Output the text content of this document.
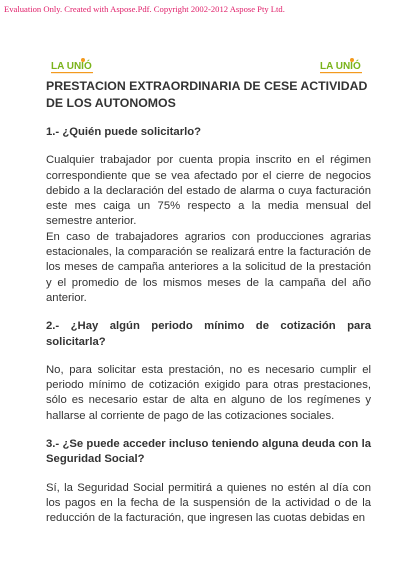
Evaluation Only. Created with Aspose.Pdf. Copyright 2002-2012 Aspose Pty Ltd.
LA UNIÓ	LA UNIÓ

PRESTACION EXTRAORDINARIA DE CESE ACTIVIDAD DE LOS AUTONOMOS

1.- ¿Quién puede solicitarlo?

Cualquier trabajador por cuenta propia inscrito en el régimen correspondiente que se vea afectado por el cierre de negocios debido a la declaración del estado de alarma o cuya facturación este mes caiga un 75% respecto a la media mensual del semestre anterior.

En caso de trabajadores agrarios con producciones agrarias estacionales, la comparación se realizará entre la facturación de los meses de campaña anteriores a la solicitud de la prestación y el promedio de los mismos meses de la campaña del año anterior.

2.- ¿Hay algún periodo mínimo de cotización para solicitarla?

No, para solicitar esta prestación, no es necesario cumplir el periodo mínimo de cotización exigido para otras prestaciones, sólo es necesario estar de alta en alguno de los regímenes y hallarse al corriente de pago de las cotizaciones sociales.

3.- ¿Se puede acceder incluso teniendo alguna deuda con la Seguridad Social?

Sí, la Seguridad Social permitirá a quienes no estén al día con los pagos en la fecha de la suspensión de la actividad o de la reducción de la facturación, que ingresen las cuotas debidas en
